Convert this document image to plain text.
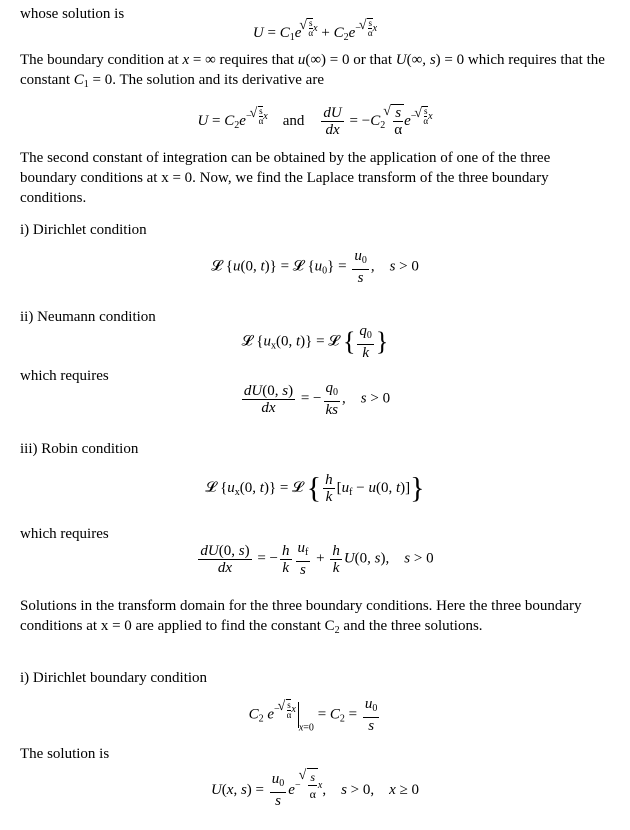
whose solution is

$U = C_1e$ √ $^{\frac{s}{\alpha} x} + C_2e^{- √ \frac{s}{\alpha} x}$

The boundary condition at x = ∞ requires that u(∞) = 0 or that U(∞, s) = 0 which requires that the constant $C_1 = 0$. The solution and its derivative are

$U = C_2e^{- √ \frac{s}{\alpha} x}$ and $\frac{dU}{dx} = -C_2$ √ $\frac{s}{\alpha} e^{- √ \frac{s}{\alpha} x}$

The second constant of integration can be obtained by the application of one of the three boundary conditions at x = 0. Now, we find the Laplace transform of the three boundary conditions.

i) Dirichlet condition

𝓛 {u(0, t)} = 𝓛 $\{u_0\} = \frac{u_0}{s}$ ,    s > 0

ii) Neumann condition

𝓛 {$u_x(0$, t)} = 𝓛 { $\frac{q_0}{k}$ }

which requires

$\frac{dU(0, s)}{dx}$ = − $\frac{q_0}{ks}$ ,    s > 0

iii) Robin condition

𝓛 {$u_x(0$, t)} = 𝓛 { $\frac{h}{k} [u_f - u(0$, t)]}

which requires

$\frac{dU(0, s)}{dx}$ = − $\frac{h}{k} \frac{u_f}{s} + \frac{h}{k} U(0$, s),    s > 0

Solutions in the transform domain for the three boundary conditions. Here the three boundary conditions at x = 0 are applied to find the constant $C_2$ and the three solutions.

i) Dirichlet boundary condition

$C_2$ $e^{- √ \frac{s}{\alpha} x}_{x=0} = C_2 = \frac{u_0}{s}$

The solution is

U(x, $s) = \frac{u_0}{s} e^{- √ \frac{s}{\alpha} x}$,    s > 0,    x ≥ 0
